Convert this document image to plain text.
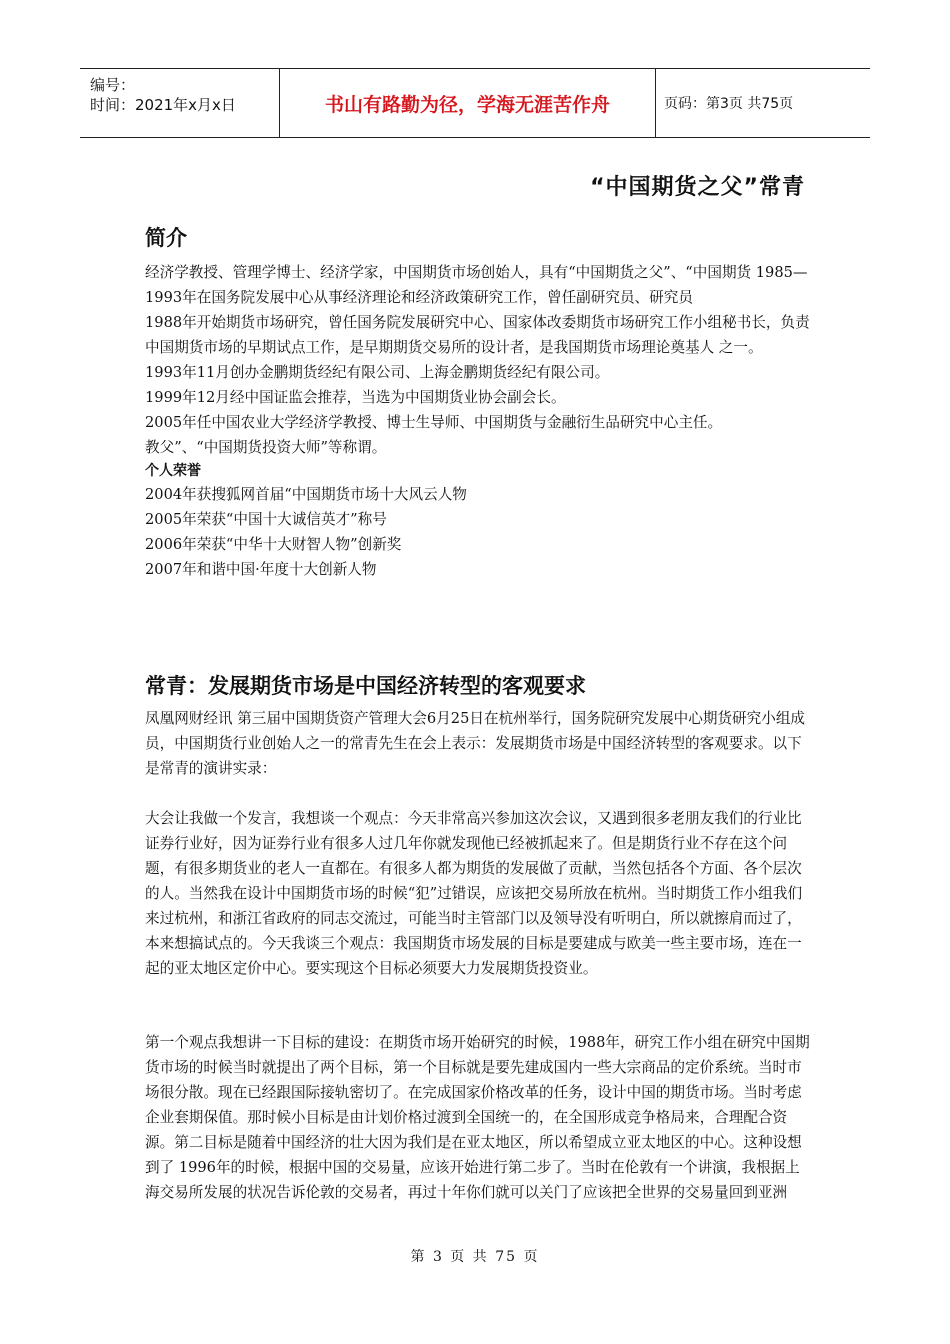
编号：
时间：2021年x月x日	书山有路勤为径，学海无涯苦作舟	页码：第3页 共75页
“中国期货之父”常青
简介

经济学教授、管理学博士、经济学家，中国期货市场创始人，具有“中国期货之父”、“中国期货 1985—1993年在国务院发展中心从事经济理论和经济政策研究工作，曾任副研究员、研究员

1988年开始期货市场研究，曾任国务院发展研究中心、国家体改委期货市场研究工作小组秘书长，负责中国期货市场的早期试点工作，是早期期货交易所的设计者，是我国期货市场理论奠基人 之一。

1993年11月创办金鹏期货经纪有限公司、上海金鹏期货经纪有限公司。

1999年12月经中国证监会推荐，当选为中国期货业协会副会长。

2005年任中国农业大学经济学教授、博士生导师、中国期货与金融衍生品研究中心主任。

教父”、“中国期货投资大师”等称谓。

个人荣誉

2004年获搜狐网首届“中国期货市场十大风云人物

2005年荣获“中国十大诚信英才”称号

2006年荣获“中华十大财智人物”创新奖

2007年和谐中国·年度十大创新人物

常青：发展期货市场是中国经济转型的客观要求

凤凰网财经讯 第三届中国期货资产管理大会6月25日在杭州举行，国务院研究发展中心期货研究小组成员，中国期货行业创始人之一的常青先生在会上表示：发展期货市场是中国经济转型的客观要求。以下是常青的演讲实录：

大会让我做一个发言，我想谈一个观点：今天非常高兴参加这次会议，又遇到很多老朋友我们的行业比证券行业好，因为证券行业有很多人过几年你就发现他已经被抓起来了。但是期货行业不存在这个问题，有很多期货业的老人一直都在。有很多人都为期货的发展做了贡献，当然包括各个方面、各个层次的人。当然我在设计中国期货市场的时候“犯”过错误，应该把交易所放在杭州。当时期货工作小组我们来过杭州，和浙江省政府的同志交流过，可能当时主管部门以及领导没有听明白，所以就擦肩而过了，本来想搞试点的。今天我谈三个观点：我国期货市场发展的目标是要建成与欧美一些主要市场，连在一起的亚太地区定价中心。要实现这个目标必须要大力发展期货投资业。

第一个观点我想讲一下目标的建设：在期货市场开始研究的时候，1988年，研究工作小组在研究中国期货市场的时候当时就提出了两个目标，第一个目标就是要先建成国内一些大宗商品的定价系统。当时市场很分散。现在已经跟国际接轨密切了。在完成国家价格改革的任务，设计中国的期货市场。当时考虑企业套期保值。那时候小目标是由计划价格过渡到全国统一的，在全国形成竞争格局来，合理配合资源。第二目标是随着中国经济的壮大因为我们是在亚太地区，所以希望成立亚太地区的中心。这种设想到了 1996年的时候，根据中国的交易量，应该开始进行第二步了。当时在伦敦有一个讲演，我根据上海交易所发展的状况告诉伦敦的交易者，再过十年你们就可以关门了应该把全世界的交易量回到亚洲

第 3 页 共 75 页
